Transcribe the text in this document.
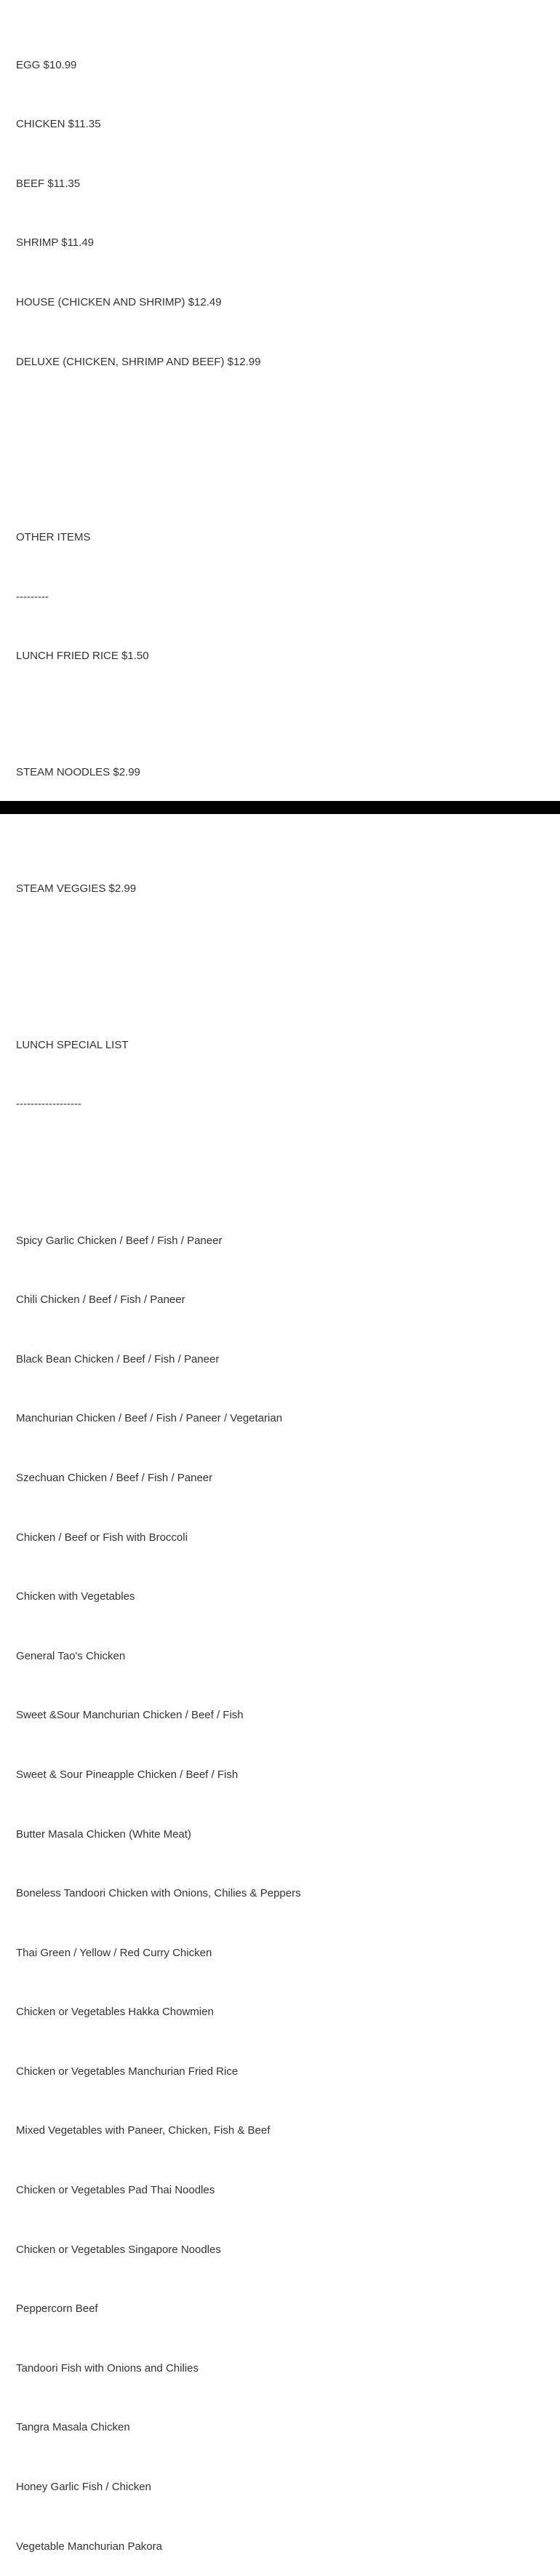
EGG $10.99

CHICKEN $11.35

BEEF $11.35

SHRIMP $11.49

HOUSE (CHICKEN AND SHRIMP) $12.49

DELUXE (CHICKEN, SHRIMP AND BEEF) $12.99

OTHER ITEMS

---------

LUNCH FRIED RICE $1.50

STEAM NOODLES $2.99

STEAM VEGGIES $2.99

LUNCH SPECIAL LIST

------------------

Spicy Garlic Chicken / Beef / Fish / Paneer

Chili Chicken / Beef / Fish / Paneer

Black Bean Chicken / Beef / Fish / Paneer

Manchurian Chicken / Beef / Fish / Paneer / Vegetarian

Szechuan Chicken / Beef / Fish / Paneer

Chicken / Beef or Fish with Broccoli

Chicken with Vegetables

General Tao's Chicken

Sweet &Sour Manchurian Chicken / Beef / Fish

Sweet & Sour Pineapple Chicken / Beef / Fish

Butter Masala Chicken (White Meat)

Boneless Tandoori Chicken with Onions, Chilies & Peppers

Thai Green / Yellow / Red Curry Chicken

Chicken or Vegetables Hakka Chowmien

Chicken or Vegetables Manchurian Fried Rice

Mixed Vegetables with Paneer, Chicken, Fish & Beef

Chicken or Vegetables Pad Thai Noodles

Chicken or Vegetables Singapore Noodles

Peppercorn Beef

Tandoori Fish with Onions and Chilies

Tangra Masala Chicken

Honey Garlic Fish / Chicken

Vegetable Manchurian Pakora
